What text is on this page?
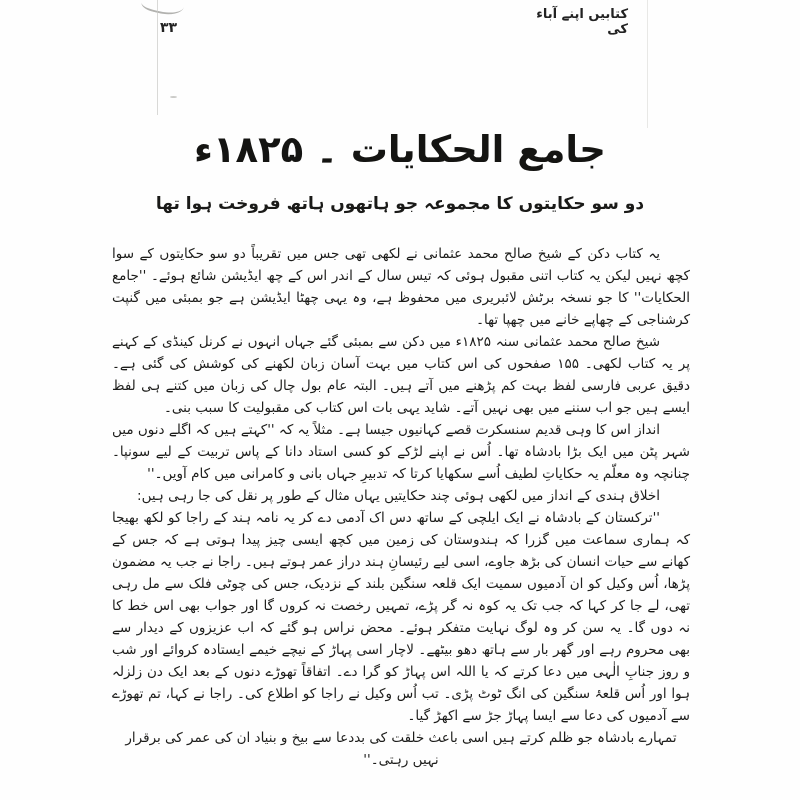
کتابیں اپنے آباء کی
۳۳
جامع الحکایات ۔ ۱۸۲۵ء
دو سو حکایتوں کا مجموعہ جو ہاتھوں ہاتھ فروخت ہوا تھا

یہ کتاب دکن کے شیخ صالح محمد عثمانی نے لکھی تھی جس میں تقریباً دو سو حکایتوں کے سوا کچھ نہیں لیکن یہ کتاب اتنی مقبول ہوئی کہ تیس سال کے اندر اس کے چھ ایڈیشن شائع ہوئے۔ ''جامع الحکایات'' کا جو نسخہ برٹش لائبریری میں محفوظ ہے، وہ یہی چھٹا ایڈیشن ہے جو بمبئی میں گنپت کرشناجی کے چھاپے خانے میں چھپا تھا۔

شیخ صالح محمد عثمانی سنہ ۱۸۲۵ء میں دکن سے بمبئی گئے جہاں انہوں نے کرنل کینڈی کے کہنے پر یہ کتاب لکھی۔ ۱۵۵ صفحوں کی اس کتاب میں بہت آسان زبان لکھنے کی کوشش کی گئی ہے۔ دقیق عربی فارسی لفظ بہت کم پڑھنے میں آتے ہیں۔ البتہ عام بول چال کی زبان میں کتنے ہی لفظ ایسے ہیں جو اب سننے میں بھی نہیں آتے۔ شاید یہی بات اس کتاب کی مقبولیت کا سبب بنی۔

انداز اس کا وہی قدیم سنسکرت قصے کہانیوں جیسا ہے۔ مثلاً یہ کہ ''کہتے ہیں کہ اگلے دنوں میں شہر پٹن میں ایک بڑا بادشاہ تھا۔ اُس نے اپنے لڑکے کو کسی استاد دانا کے پاس تربیت کے لیے سونپا۔ چنانچہ وہ معلّم یہ حکایاتِ لطیف اُسے سکھایا کرتا کہ تدبیرِ جہاں بانی و کامرانی میں کام آویں۔''

اخلاق ہندی کے انداز میں لکھی ہوئی چند حکایتیں یہاں مثال کے طور پر نقل کی جا رہی ہیں:

''ترکستان کے بادشاہ نے ایک ایلچی کے ساتھ دس اک آدمی دے کر یہ نامہ ہند کے راجا کو لکھ بھیجا کہ ہماری سماعت میں گزرا کہ ہندوستان کی زمین میں کچھ ایسی چیز پیدا ہوتی ہے کہ جس کے کھانے سے حیات انسان کی بڑھ جاوے، اسی لیے رئیسانِ ہند دراز عمر ہوتے ہیں۔ راجا نے جب یہ مضمون پڑھا، اُس وکیل کو ان آدمیوں سمیت ایک قلعہ سنگین بلند کے نزدیک، جس کی چوٹی فلک سے مل رہی تھی، لے جا کر کہا کہ جب تک یہ کوہ نہ گر پڑے، تمہیں رخصت نہ کروں گا اور جواب بھی اس خط کا نہ دوں گا۔ یہ سن کر وہ لوگ نہایت متفکر ہوئے۔ محض نراس ہو گئے کہ اب عزیزوں کے دیدار سے بھی محروم رہے اور گھر بار سے ہاتھ دھو بیٹھے۔ لاچار اسی پہاڑ کے نیچے خیمے ایستادہ کروائے اور شب و روز جنابِ الٰہی میں دعا کرتے کہ یا اللہ اس پہاڑ کو گرا دے۔ اتفاقاً تھوڑے دنوں کے بعد ایک دن زلزلہ ہوا اور اُس قلعۂ سنگین کی انگ ٹوٹ پڑی۔ تب اُس وکیل نے راجا کو اطلاع کی۔ راجا نے کہا، تم تھوڑے سے آدمیوں کی دعا سے ایسا پہاڑ جڑ سے اکھڑ گیا۔

تمہارے بادشاہ جو ظلم کرتے ہیں اسی باعث خلقت کی بددعا سے بیخ و بنیاد ان کی عمر کی برقرار نہیں رہتی۔''
